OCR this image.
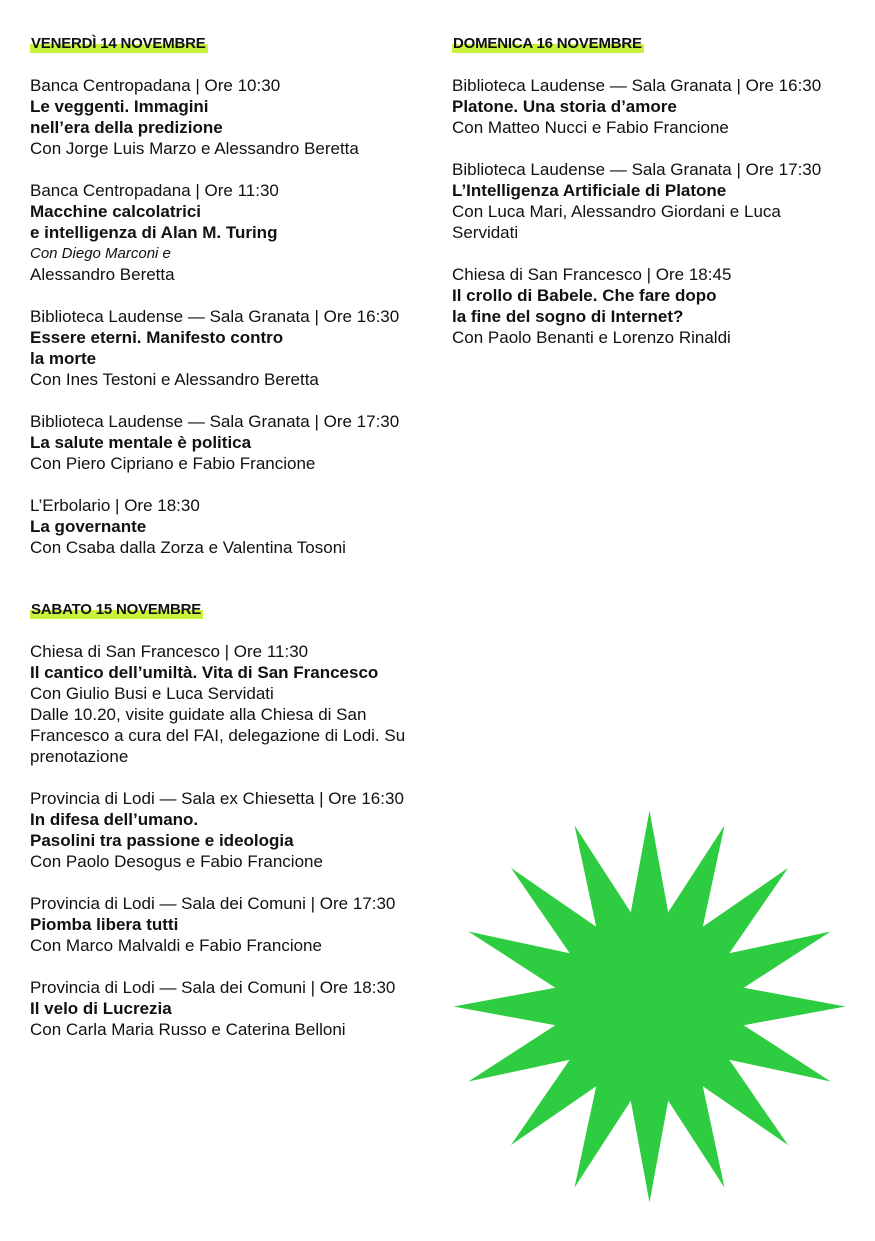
VENERDÌ 14 NOVEMBRE
Banca Centropadana | Ore 10:30
Le veggenti. Immagini
nell’era della predizione
Con Jorge Luis Marzo e Alessandro Beretta
Banca Centropadana | Ore 11:30
Macchine calcolatrici
e intelligenza di Alan M. Turing
Con Diego Marconi e
Alessandro Beretta
Biblioteca Laudense — Sala Granata | Ore 16:30
Essere eterni. Manifesto contro
la morte
Con Ines Testoni e Alessandro Beretta
Biblioteca Laudense — Sala Granata | Ore 17:30
La salute mentale è politica
Con Piero Cipriano e Fabio Francione
L’Erbolario | Ore 18:30
La governante
Con Csaba dalla Zorza e Valentina Tosoni
SABATO 15 NOVEMBRE
Chiesa di San Francesco | Ore 11:30
Il cantico dell’umiltà. Vita di San Francesco
Con Giulio Busi e Luca Servidati
Dalle 10.20, visite guidate alla Chiesa di San Francesco a cura del FAI, delegazione di Lodi. Su prenotazione
Provincia di Lodi — Sala ex Chiesetta | Ore 16:30
In difesa dell’umano.
Pasolini tra passione e ideologia
Con Paolo Desogus e Fabio Francione
Provincia di Lodi — Sala dei Comuni | Ore 17:30
Piomba libera tutti
Con Marco Malvaldi e Fabio Francione
Provincia di Lodi — Sala dei Comuni | Ore 18:30
Il velo di Lucrezia
Con Carla Maria Russo e Caterina Belloni
DOMENICA 16 NOVEMBRE
Biblioteca Laudense — Sala Granata | Ore 16:30
Platone. Una storia d’amore
Con Matteo Nucci e Fabio Francione
Biblioteca Laudense — Sala Granata | Ore 17:30
L’Intelligenza Artificiale di Platone
Con Luca Mari, Alessandro Giordani e Luca Servidati
Chiesa di San Francesco | Ore 18:45
Il crollo di Babele. Che fare dopo
la fine del sogno di Internet?
Con Paolo Benanti e Lorenzo Rinaldi
